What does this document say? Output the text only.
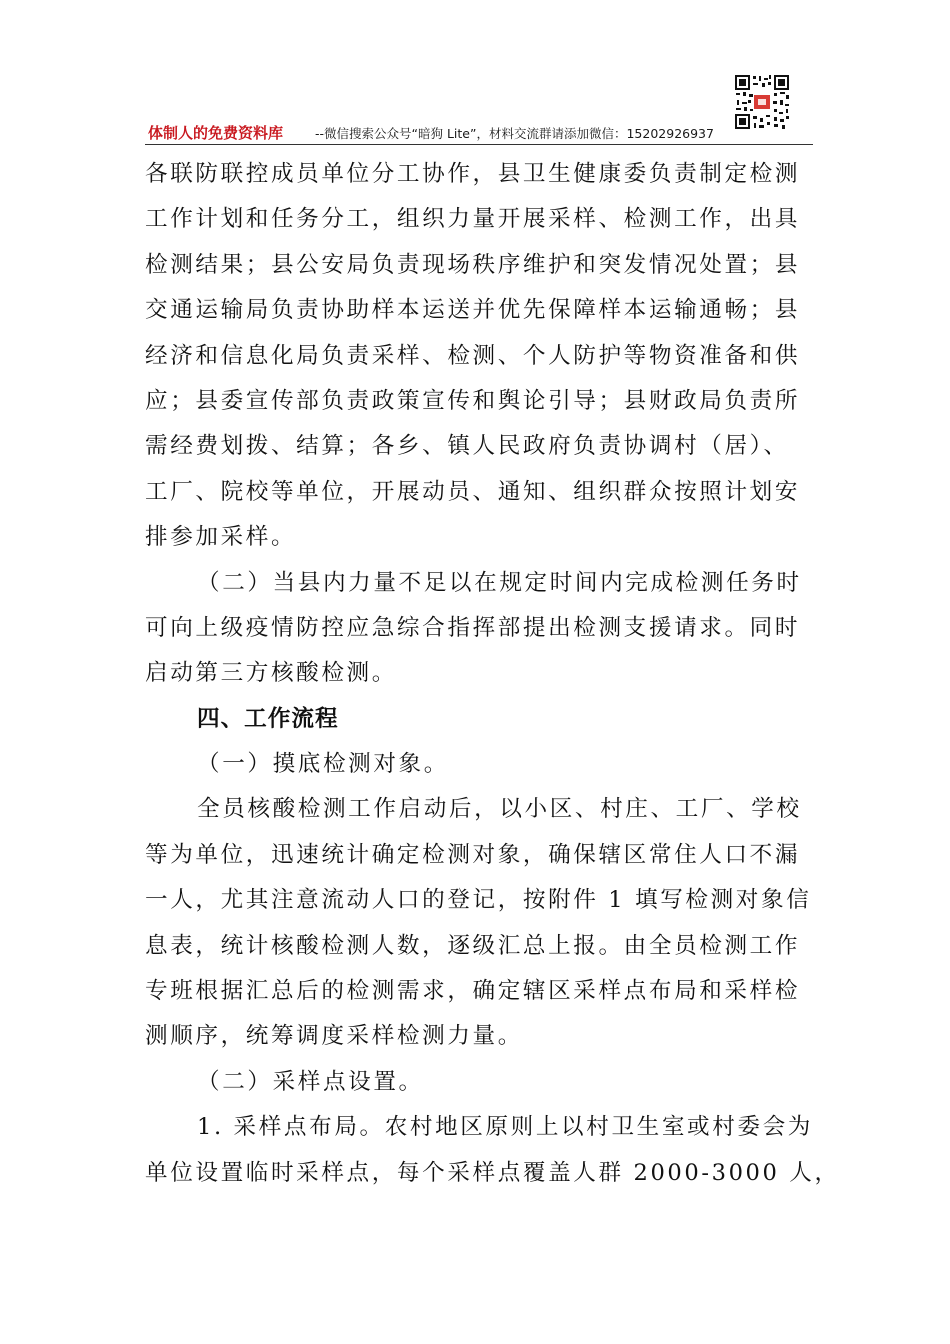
体制人的免费资料库	--微信搜索公众号“暗狗 Lite”，材料交流群请添加微信：15202926937
各联防联控成员单位分工协作，县卫生健康委负责制定检测
工作计划和任务分工，组织力量开展采样、检测工作，出具
检测结果；县公安局负责现场秩序维护和突发情况处置；县
交通运输局负责协助样本运送并优先保障样本运输通畅；县
经济和信息化局负责采样、检测、个人防护等物资准备和供
应；县委宣传部负责政策宣传和舆论引导；县财政局负责所
需经费划拨、结算；各乡、镇人民政府负责协调村（居）、
工厂、院校等单位，开展动员、通知、组织群众按照计划安
排参加采样。
（二）当县内力量不足以在规定时间内完成检测任务时
可向上级疫情防控应急综合指挥部提出检测支援请求。同时
启动第三方核酸检测。
四、工作流程
（一）摸底检测对象。
全员核酸检测工作启动后，以小区、村庄、工厂、学校
等为单位，迅速统计确定检测对象，确保辖区常住人口不漏
一人，尤其注意流动人口的登记，按附件 1 填写检测对象信
息表，统计核酸检测人数，逐级汇总上报。由全员检测工作
专班根据汇总后的检测需求，确定辖区采样点布局和采样检
测顺序，统筹调度采样检测力量。
（二）采样点设置。
1. 采样点布局。农村地区原则上以村卫生室或村委会为
单位设置临时采样点，每个采样点覆盖人群 2000-3000 人，
